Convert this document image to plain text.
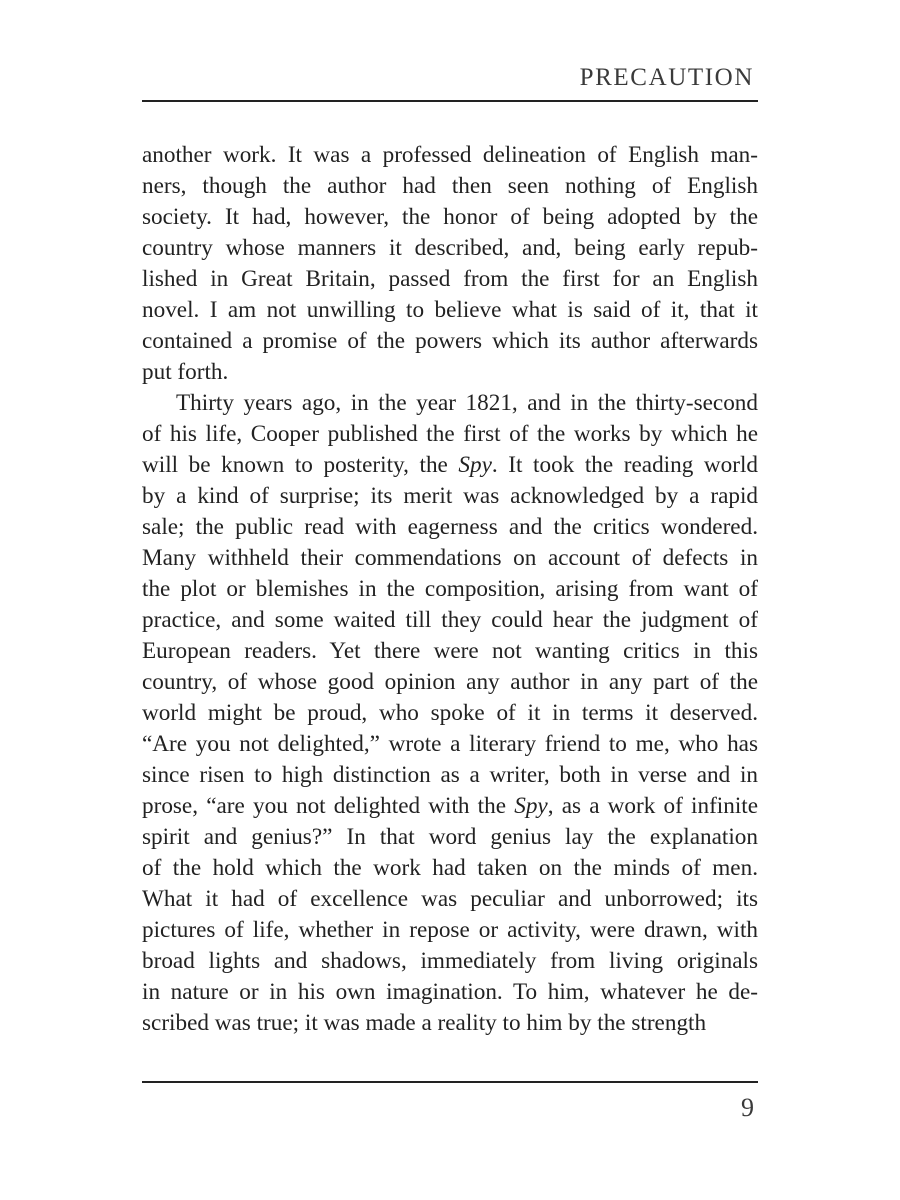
PRECAUTION
another work. It was a professed delineation of English man-
ners, though the author had then seen nothing of English
society. It had, however, the honor of being adopted by the
country whose manners it described, and, being early repub-
lished in Great Britain, passed from the first for an English
novel. I am not unwilling to believe what is said of it, that it
contained a promise of the powers which its author afterwards
put forth.
Thirty years ago, in the year 1821, and in the thirty-second
of his life, Cooper published the first of the works by which he
will be known to posterity, the Spy. It took the reading world
by a kind of surprise; its merit was acknowledged by a rapid
sale; the public read with eagerness and the critics wondered.
Many withheld their commendations on account of defects in
the plot or blemishes in the composition, arising from want of
practice, and some waited till they could hear the judgment of
European readers. Yet there were not wanting critics in this
country, of whose good opinion any author in any part of the
world might be proud, who spoke of it in terms it deserved.
“Are you not delighted,” wrote a literary friend to me, who has
since risen to high distinction as a writer, both in verse and in
prose, “are you not delighted with the Spy, as a work of infinite
spirit and genius?” In that word genius lay the explanation
of the hold which the work had taken on the minds of men.
What it had of excellence was peculiar and unborrowed; its
pictures of life, whether in repose or activity, were drawn, with
broad lights and shadows, immediately from living originals
in nature or in his own imagination. To him, whatever he de-
scribed was true; it was made a reality to him by the strength
9
